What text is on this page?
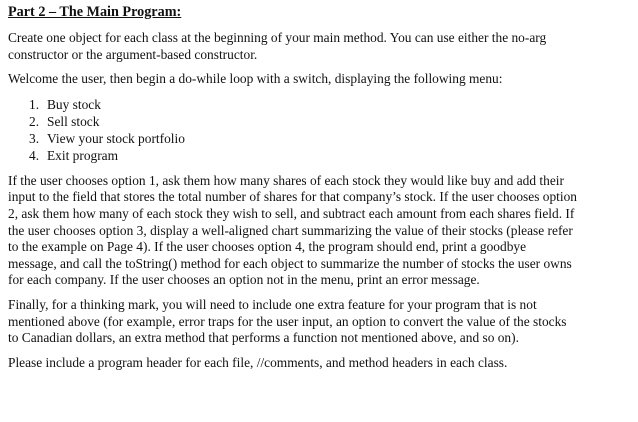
Part 2 – The Main Program:

Create one object for each class at the beginning of your main method. You can use either the no-arg
constructor or the argument-based constructor.

Welcome the user, then begin a do-while loop with a switch, displaying the following menu:

1. Buy stock
2. Sell stock
3. View your stock portfolio
4. Exit program

If the user chooses option 1, ask them how many shares of each stock they would like buy and add their
input to the field that stores the total number of shares for that company’s stock. If the user chooses option
2, ask them how many of each stock they wish to sell, and subtract each amount from each shares field. If
the user chooses option 3, display a well-aligned chart summarizing the value of their stocks (please refer
to the example on Page 4). If the user chooses option 4, the program should end, print a goodbye
message, and call the toString() method for each object to summarize the number of stocks the user owns
for each company. If the user chooses an option not in the menu, print an error message.

Finally, for a thinking mark, you will need to include one extra feature for your program that is not
mentioned above (for example, error traps for the user input, an option to convert the value of the stocks
to Canadian dollars, an extra method that performs a function not mentioned above, and so on).

Please include a program header for each file, //comments, and method headers in each class.
